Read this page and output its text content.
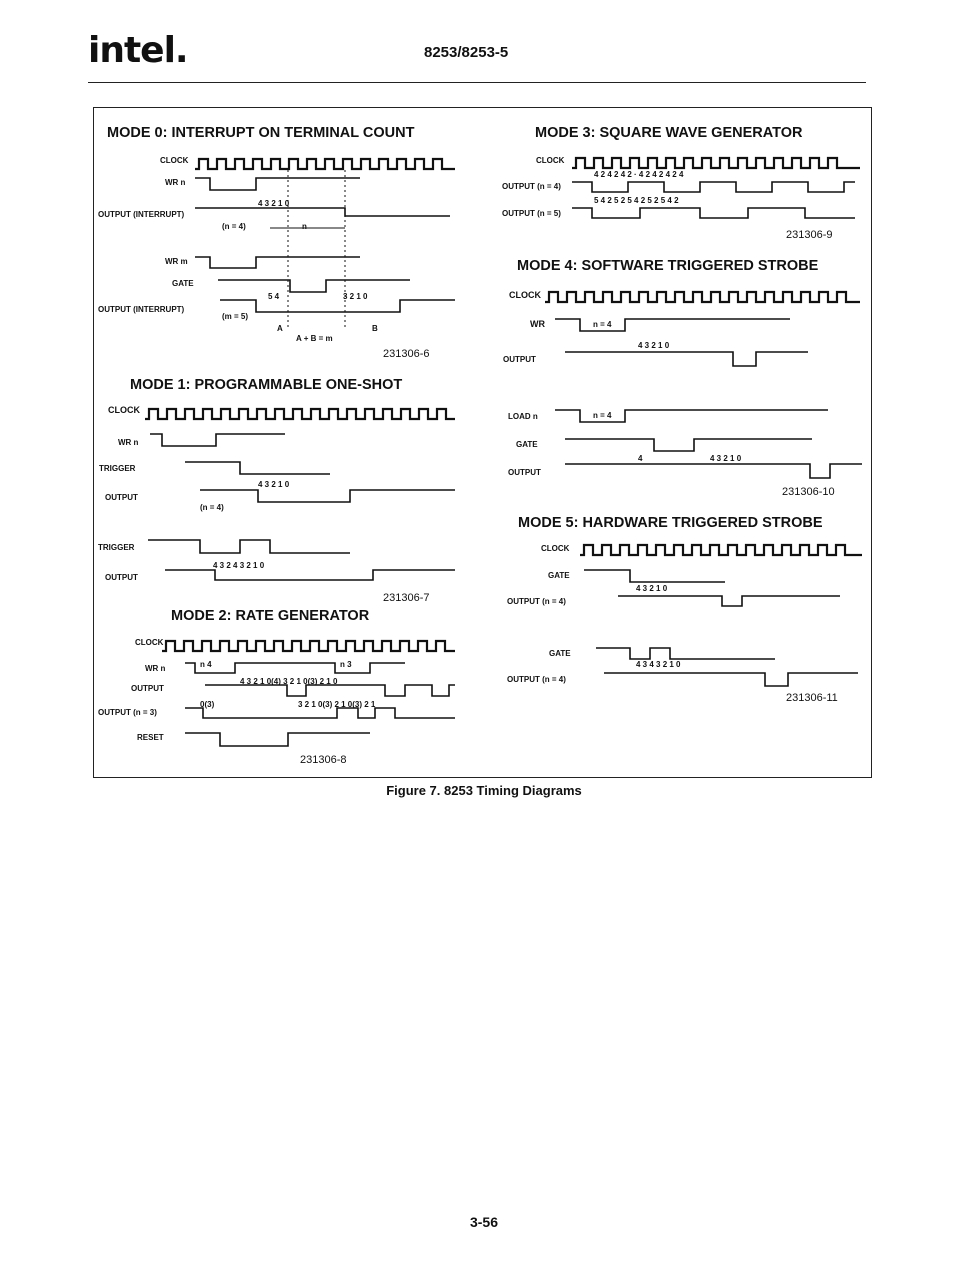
intel.	8253/8253-5
MODE 0: INTERRUPT ON TERMINAL COUNT
CLOCK
WR n
4 3 2 1 0
OUTPUT (INTERRUPT)
(n = 4)	n
WR m
GATE
5 4	3 2 1 0
OUTPUT (INTERRUPT)
(m = 5)
A	B
A + B = m
231306-6
MODE 1: PROGRAMMABLE ONE-SHOT
CLOCK
WR n
TRIGGER
4 3 2 1 0
OUTPUT
(n = 4)
TRIGGER
4 3 2 4 3 2 1 0
OUTPUT
231306-7
MODE 2: RATE GENERATOR
CLOCK
WR n	n 4	n 3
4 3 2 1 0(4) 3 2 1 0(3) 2 1 0
OUTPUT
0(3)	3 2 1 0(3) 2 1 0(3) 2 1
OUTPUT (n = 3)
RESET
231306-8
MODE 3: SQUARE WAVE GENERATOR
CLOCK
4 2 4 2 4 2 · 4 2 4 2 4 2 4
OUTPUT (n = 4)
5 4 2 5 2 5 4 2 5 2 5 4 2
OUTPUT (n = 5)
231306-9
MODE 4: SOFTWARE TRIGGERED STROBE
CLOCK
WR	n = 4
4 3 2 1 0
OUTPUT
LOAD n	n = 4
GATE
4	4 3 2 1 0
OUTPUT
231306-10
MODE 5: HARDWARE TRIGGERED STROBE
CLOCK
GATE
4 3 2 1 0
OUTPUT (n = 4)
GATE
4 3 4 3 2 1 0
OUTPUT (n = 4)
231306-11
Figure 7. 8253 Timing Diagrams
3-56
